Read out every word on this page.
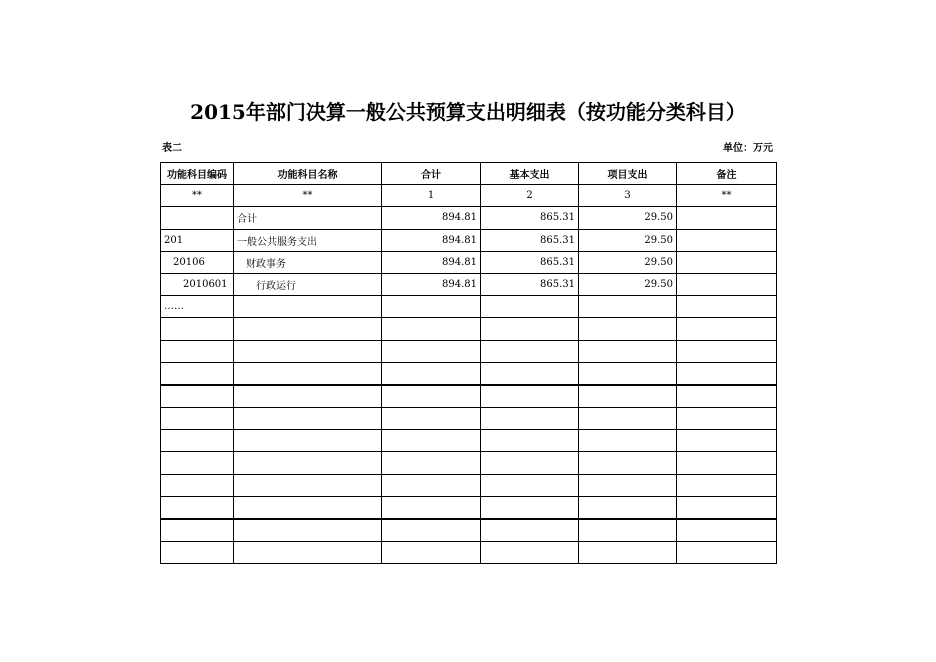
2015年部门决算一般公共预算支出明细表（按功能分类科目）
表二	单位：万元
功能科目编码	功能科目名称	合计	基本支出	项目支出	备注
**	**	1	2	3	**
	合计	894.81	865.31	29.50	
201	一般公共服务支出	894.81	865.31	29.50	
20106	财政事务	894.81	865.31	29.50	
2010601	行政运行	894.81	865.31	29.50	
……					
